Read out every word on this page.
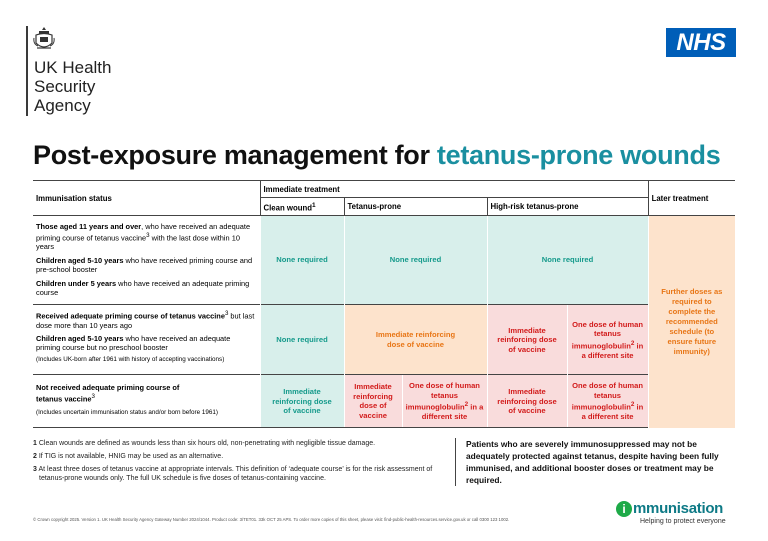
UK Health
Security
Agency
NHS
Post-exposure management for tetanus-prone wounds
Immunisation status	Immediate treatment					Later treatment
	Clean wound$^1$	Tetanus-prone		High-risk tetanus-prone		

Those aged 11 years and over, who have received an adequate priming course of tetanus vaccine$^3$ with the last dose within 10 years

Children aged 5-10 years who have received priming course and pre-school booster

Children under 5 years who have received an adequate priming course	None required	None required		None required		Further doses as required to complete the recommended schedule (to ensure future immunity)

Received adequate priming course of tetanus vaccine$^3$ but last dose more than 10 years ago

Children aged 5-10 years who have received an adequate priming course but no preschool booster

(Includes UK-born after 1961 with history of accepting vaccinations)	None required	Immediate reinforcing dose of vaccine		Immediate reinforcing dose of vaccine	One dose of human tetanus immunoglobulin$^2$ in a different site	

Not received adequate priming course of tetanus vaccine$^3$

(Includes uncertain immunisation status and/or born before 1961)	Immediate reinforcing dose of vaccine	Immediate reinforcing dose of vaccine	One dose of human tetanus immunoglobulin$^2$ in a different site	Immediate reinforcing dose of vaccine	One dose of human tetanus immunoglobulin$^2$ in a different site	
1 Clean wounds are defined as wounds less than six hours old, non-penetrating with negligible tissue damage.
2 If TIG is not available, HNIG may be used as an alternative.
3 At least three doses of tetanus vaccine at appropriate intervals. This definition of ‘adequate course’ is for the risk assessment of tetanus-prone wounds only. The full UK schedule is five doses of tetanus-containing vaccine.
Patients who are severely immunosuppressed may not be adequately protected against tetanus, despite having been fully immunised, and additional booster doses or treatment may be required.
© Crown copyright 2025. Version 1. UK Health Security Agency Gateway Number 2024/1044. Product code: 3/TET01. 33k OCT 25 APS. To order more copies of this sheet, please visit: find-public-health-resources.service.gov.uk or call 0300 123 1002.
i mmunisation
Helping to protect everyone
